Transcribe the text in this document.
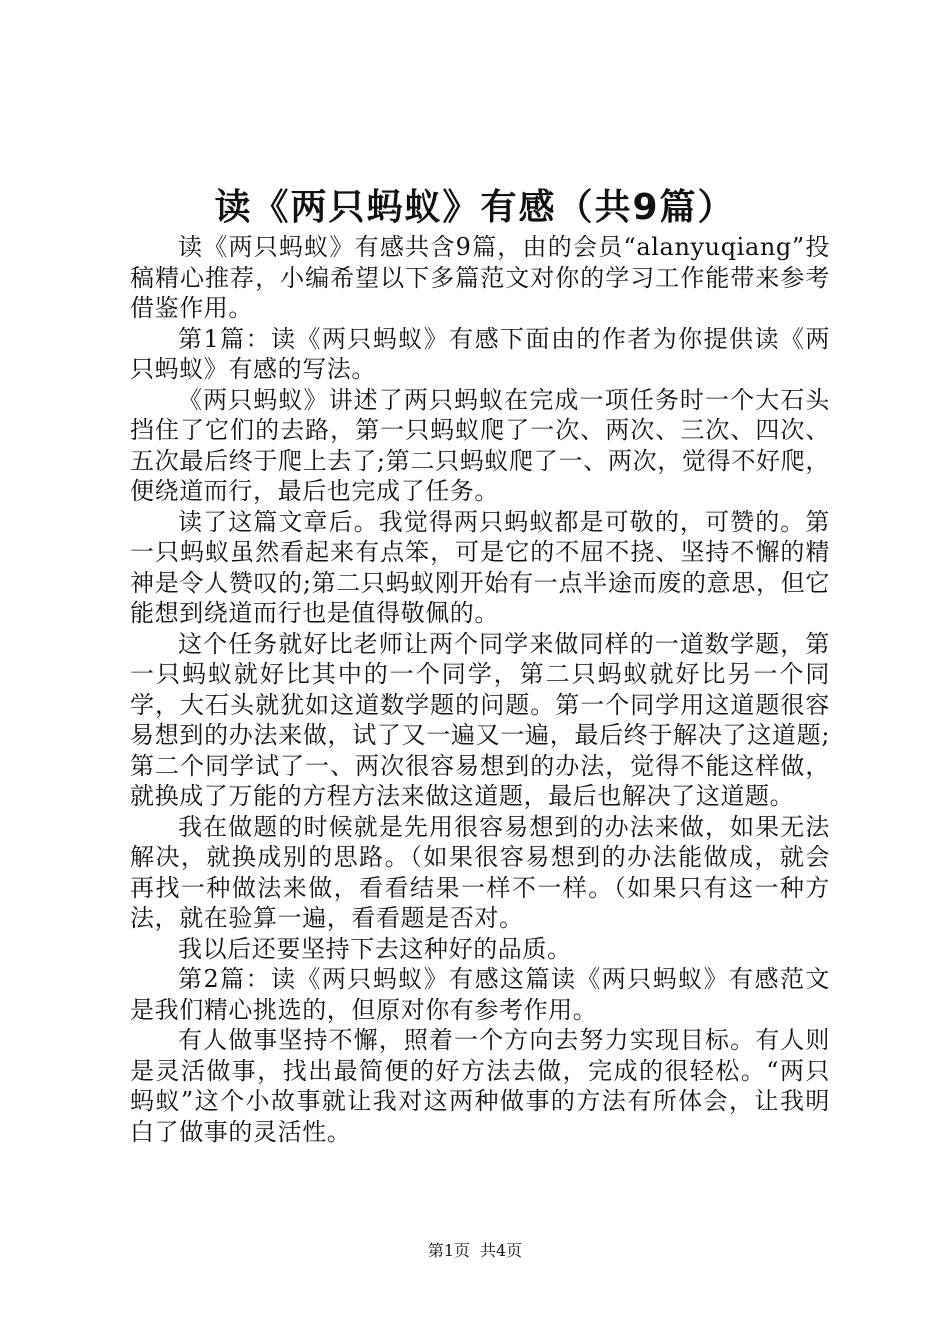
读《两只蚂蚁》有感（共9篇）

读《两只蚂蚁》有感共含9篇，由的会员“alanyuqiang”投稿精心推荐，小编希望以下多篇范文对你的学习工作能带来参考借鉴作用。

第1篇：读《两只蚂蚁》有感下面由的作者为你提供读《两只蚂蚁》有感的写法。

《两只蚂蚁》讲述了两只蚂蚁在完成一项任务时一个大石头挡住了它们的去路，第一只蚂蚁爬了一次、两次、三次、四次、五次最后终于爬上去了;第二只蚂蚁爬了一、两次，觉得不好爬，便绕道而行，最后也完成了任务。

读了这篇文章后。我觉得两只蚂蚁都是可敬的，可赞的。第一只蚂蚁虽然看起来有点笨，可是它的不屈不挠、坚持不懈的精神是令人赞叹的;第二只蚂蚁刚开始有一点半途而废的意思，但它能想到绕道而行也是值得敬佩的。

这个任务就好比老师让两个同学来做同样的一道数学题，第一只蚂蚁就好比其中的一个同学，第二只蚂蚁就好比另一个同学，大石头就犹如这道数学题的问题。第一个同学用这道题很容易想到的办法来做，试了又一遍又一遍，最后终于解决了这道题;第二个同学试了一、两次很容易想到的办法，觉得不能这样做，就换成了万能的方程方法来做这道题，最后也解决了这道题。

我在做题的时候就是先用很容易想到的办法来做，如果无法解决，就换成别的思路。（如果很容易想到的办法能做成，就会再找一种做法来做，看看结果一样不一样。（如果只有这一种方法，就在验算一遍，看看题是否对。

我以后还要坚持下去这种好的品质。

第2篇：读《两只蚂蚁》有感这篇读《两只蚂蚁》有感范文是我们精心挑选的，但原对你有参考作用。

有人做事坚持不懈，照着一个方向去努力实现目标。有人则是灵活做事，找出最简便的好方法去做，完成的很轻松。“两只蚂蚁”这个小故事就让我对这两种做事的方法有所体会，让我明白了做事的灵活性。

第1页 共4页
